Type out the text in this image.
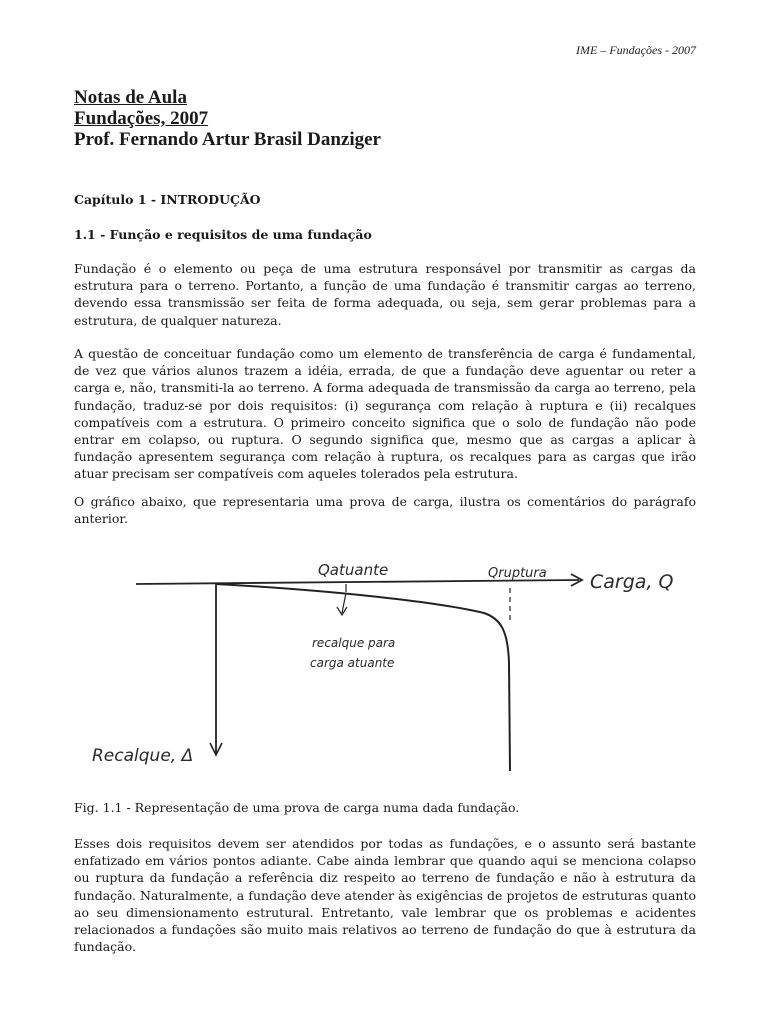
IME – Fundações - 2007
Notas de Aula
Fundações, 2007
Prof. Fernando Artur Brasil Danziger
Capítulo 1 - INTRODUÇÃO
1.1 - Função e requisitos de uma fundação

Fundação é o elemento ou peça de uma estrutura responsável por transmitir as cargas da estrutura para o terreno. Portanto, a função de uma fundação é transmitir cargas ao terreno, devendo essa transmissão ser feita de forma adequada, ou seja, sem gerar problemas para a estrutura, de qualquer natureza.

A questão de conceituar fundação como um elemento de transferência de carga é fundamental, de vez que vários alunos trazem a idéia, errada, de que a fundação deve aguentar ou reter a carga e, não, transmiti-la ao terreno. A forma adequada de transmissão da carga ao terreno, pela fundação, traduz-se por dois requisitos: (i) segurança com relação à ruptura e (ii) recalques compatíveis com a estrutura. O primeiro conceito significa que o solo de fundação não pode entrar em colapso, ou ruptura. O segundo significa que, mesmo que as cargas a aplicar à fundação apresentem segurança com relação à ruptura, os recalques para as cargas que irão atuar precisam ser compatíveis com aqueles tolerados pela estrutura.

O gráfico abaixo, que representaria uma prova de carga, ilustra os comentários do parágrafo anterior.

Qatuante	Qruptura Carga, Q
recalque para
carga atuante
Recalque, Δ
Fig. 1.1 - Representação de uma prova de carga numa dada fundação.

Esses dois requisitos devem ser atendidos por todas as fundações, e o assunto será bastante enfatizado em vários pontos adiante. Cabe ainda lembrar que quando aqui se menciona colapso ou ruptura da fundação a referência diz respeito ao terreno de fundação e não à estrutura da fundação. Naturalmente, a fundação deve atender às exigências de projetos de estruturas quanto ao seu dimensionamento estrutural. Entretanto, vale lembrar que os problemas e acidentes relacionados a fundações são muito mais relativos ao terreno de fundação do que à estrutura da fundação.
